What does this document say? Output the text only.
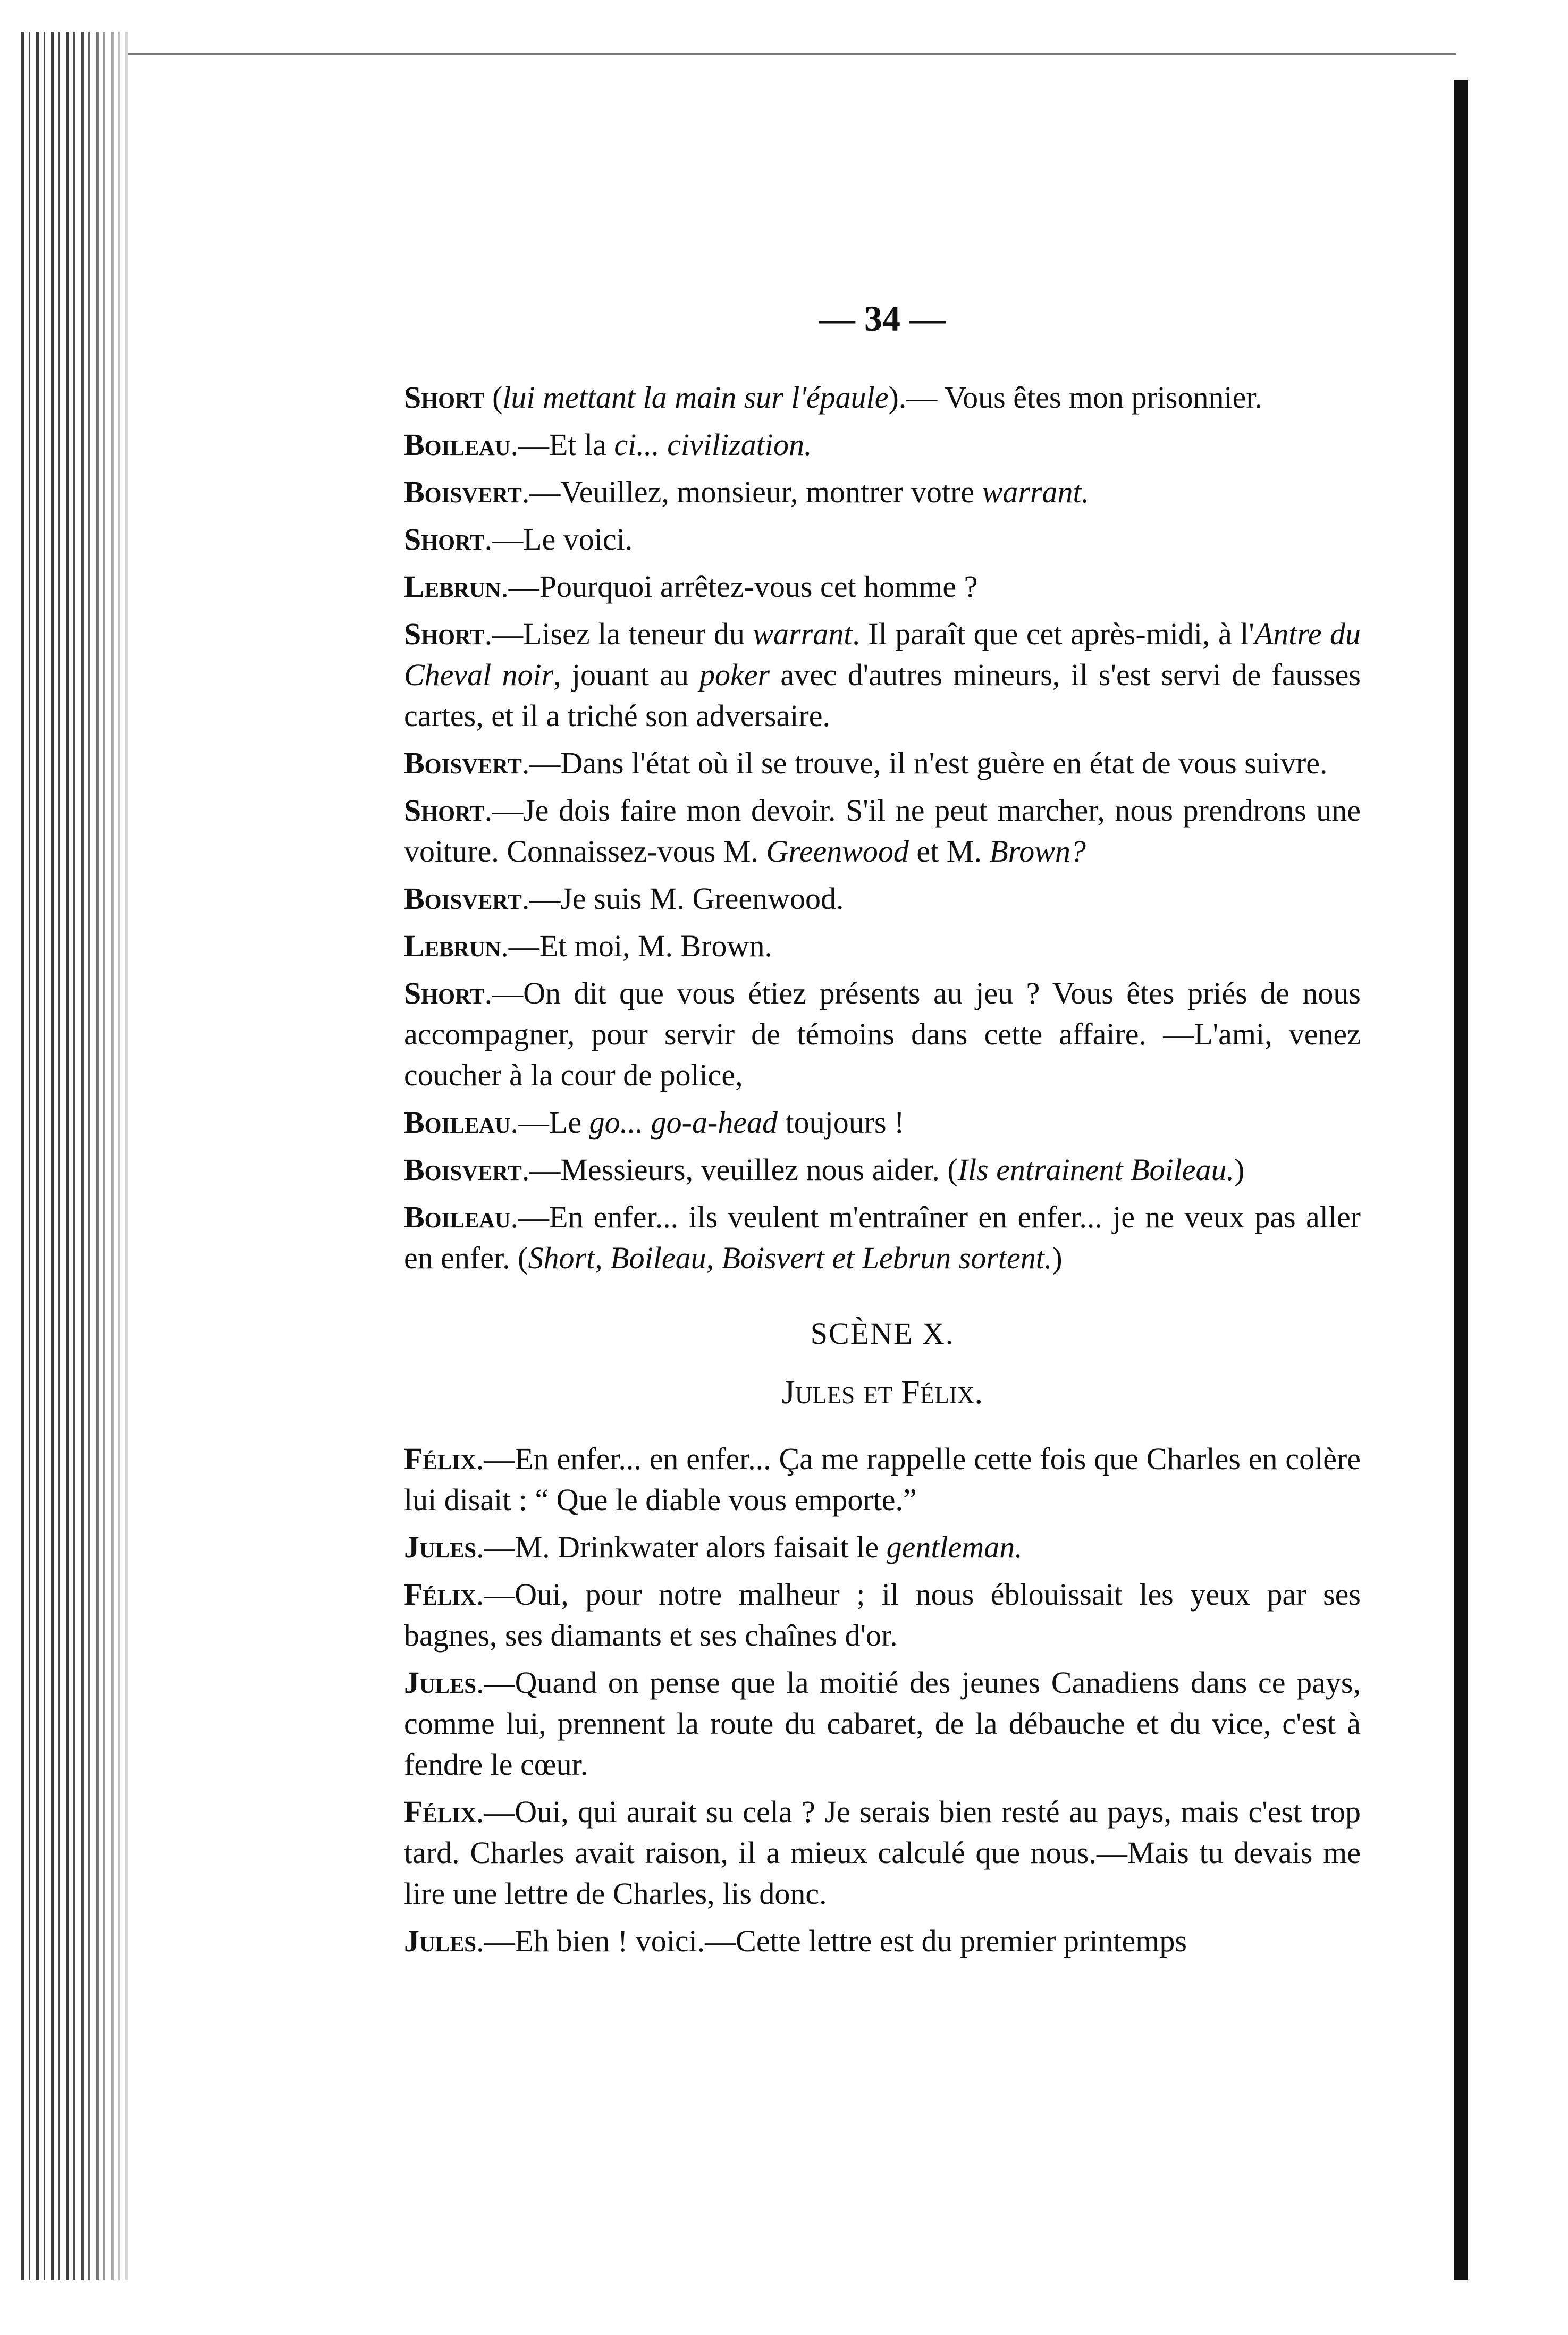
— 34 —

Short (lui mettant la main sur l'épaule).— Vous êtes mon prisonnier.

Boileau.—Et la ci... civilization.

Boisvert.—Veuillez, monsieur, montrer votre warrant.

Short.—Le voici.

Lebrun.—Pourquoi arrêtez-vous cet homme ?

Short.—Lisez la teneur du warrant. Il paraît que cet après-midi, à l'Antre du Cheval noir, jouant au poker avec d'autres mineurs, il s'est servi de fausses cartes, et il a triché son adversaire.

Boisvert.—Dans l'état où il se trouve, il n'est guère en état de vous suivre.

Short.—Je dois faire mon devoir. S'il ne peut marcher, nous prendrons une voiture. Connaissez-vous M. Greenwood et M. Brown?

Boisvert.—Je suis M. Greenwood.

Lebrun.—Et moi, M. Brown.

Short.—On dit que vous étiez présents au jeu ? Vous êtes priés de nous accompagner, pour servir de témoins dans cette affaire. —L'ami, venez coucher à la cour de police,

Boileau.—Le go... go-a-head toujours !

Boisvert.—Messieurs, veuillez nous aider. (Ils entrainent Boileau.)

Boileau.—En enfer... ils veulent m'entraîner en enfer... je ne veux pas aller en enfer. (Short, Boileau, Boisvert et Lebrun sortent.)

SCÈNE X.
Jules et Félix.

Félix.—En enfer... en enfer... Ça me rappelle cette fois que Charles en colère lui disait : “ Que le diable vous emporte.”

Jules.—M. Drinkwater alors faisait le gentleman.

Félix.—Oui, pour notre malheur ; il nous éblouissait les yeux par ses bagnes, ses diamants et ses chaînes d'or.

Jules.—Quand on pense que la moitié des jeunes Canadiens dans ce pays, comme lui, prennent la route du cabaret, de la débauche et du vice, c'est à fendre le cœur.

Félix.—Oui, qui aurait su cela ? Je serais bien resté au pays, mais c'est trop tard. Charles avait raison, il a mieux calculé que nous.—Mais tu devais me lire une lettre de Charles, lis donc.

Jules.—Eh bien ! voici.—Cette lettre est du premier printemps
